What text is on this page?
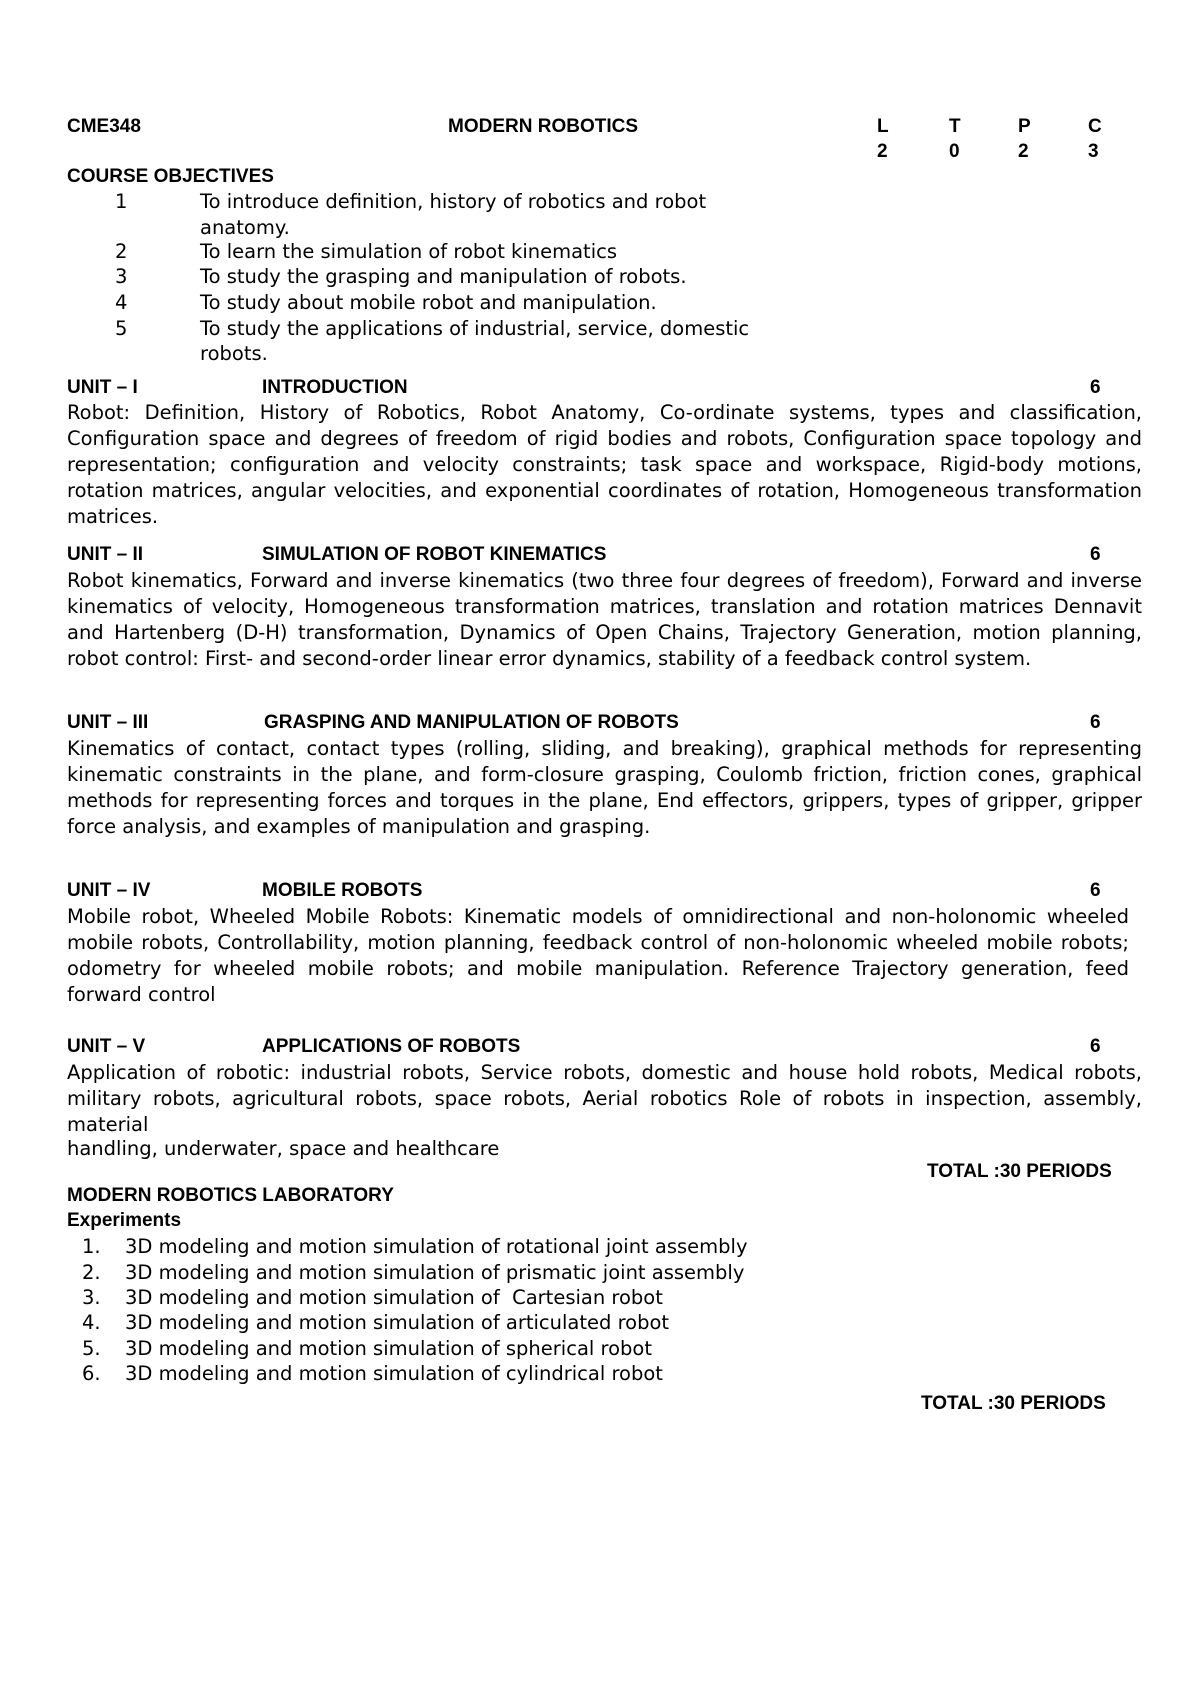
CME348	MODERN ROBOTICS	L	T	P	C
2	0	2	3
COURSE OBJECTIVES
1	To introduce definition, history of robotics and robot
anatomy.
2	To learn the simulation of robot kinematics
3	To study the grasping and manipulation of robots.
4	To study about mobile robot and manipulation.
5	To study the applications of industrial, service, domestic
robots.
UNIT – I	INTRODUCTION	6
Robot: Definition, History of Robotics, Robot Anatomy, Co-ordinate systems, types and classification, Configuration space and degrees of freedom of rigid bodies and robots, Configuration space topology and representation; configuration and velocity constraints; task space and workspace, Rigid-body motions, rotation matrices, angular velocities, and exponential coordinates of rotation, Homogeneous transformation matrices.
UNIT – II	SIMULATION OF ROBOT KINEMATICS	6
Robot kinematics, Forward and inverse kinematics (two three four degrees of freedom), Forward and inverse kinematics of velocity, Homogeneous transformation matrices, translation and rotation matrices Dennavit and Hartenberg (D-H) transformation, Dynamics of Open Chains, Trajectory Generation, motion planning, robot control: First- and second-order linear error dynamics, stability of a feedback control system.
UNIT – III	GRASPING AND MANIPULATION OF ROBOTS	6
Kinematics of contact, contact types (rolling, sliding, and breaking), graphical methods for representing kinematic constraints in the plane, and form-closure grasping, Coulomb friction, friction cones, graphical methods for representing forces and torques in the plane, End effectors, grippers, types of gripper, gripper force analysis, and examples of manipulation and grasping.
UNIT – IV	MOBILE ROBOTS	6
Mobile robot, Wheeled Mobile Robots: Kinematic models of omnidirectional and non-holonomic wheeled mobile robots, Controllability, motion planning, feedback control of non-holonomic wheeled mobile robots; odometry for wheeled mobile robots; and mobile manipulation. Reference Trajectory generation, feed forward control
UNIT – V	APPLICATIONS OF ROBOTS	6
Application of robotic: industrial robots, Service robots, domestic and house hold robots, Medical robots, military robots, agricultural robots, space robots, Aerial robotics Role of robots in inspection, assembly, material
handling, underwater, space and healthcare
TOTAL :30 PERIODS
MODERN ROBOTICS LABORATORY
Experiments
1. 3D modeling and motion simulation of rotational joint assembly
2. 3D modeling and motion simulation of prismatic joint assembly
3. 3D modeling and motion simulation of  Cartesian robot
4. 3D modeling and motion simulation of articulated robot
5. 3D modeling and motion simulation of spherical robot
6. 3D modeling and motion simulation of cylindrical robot
TOTAL :30 PERIODS
